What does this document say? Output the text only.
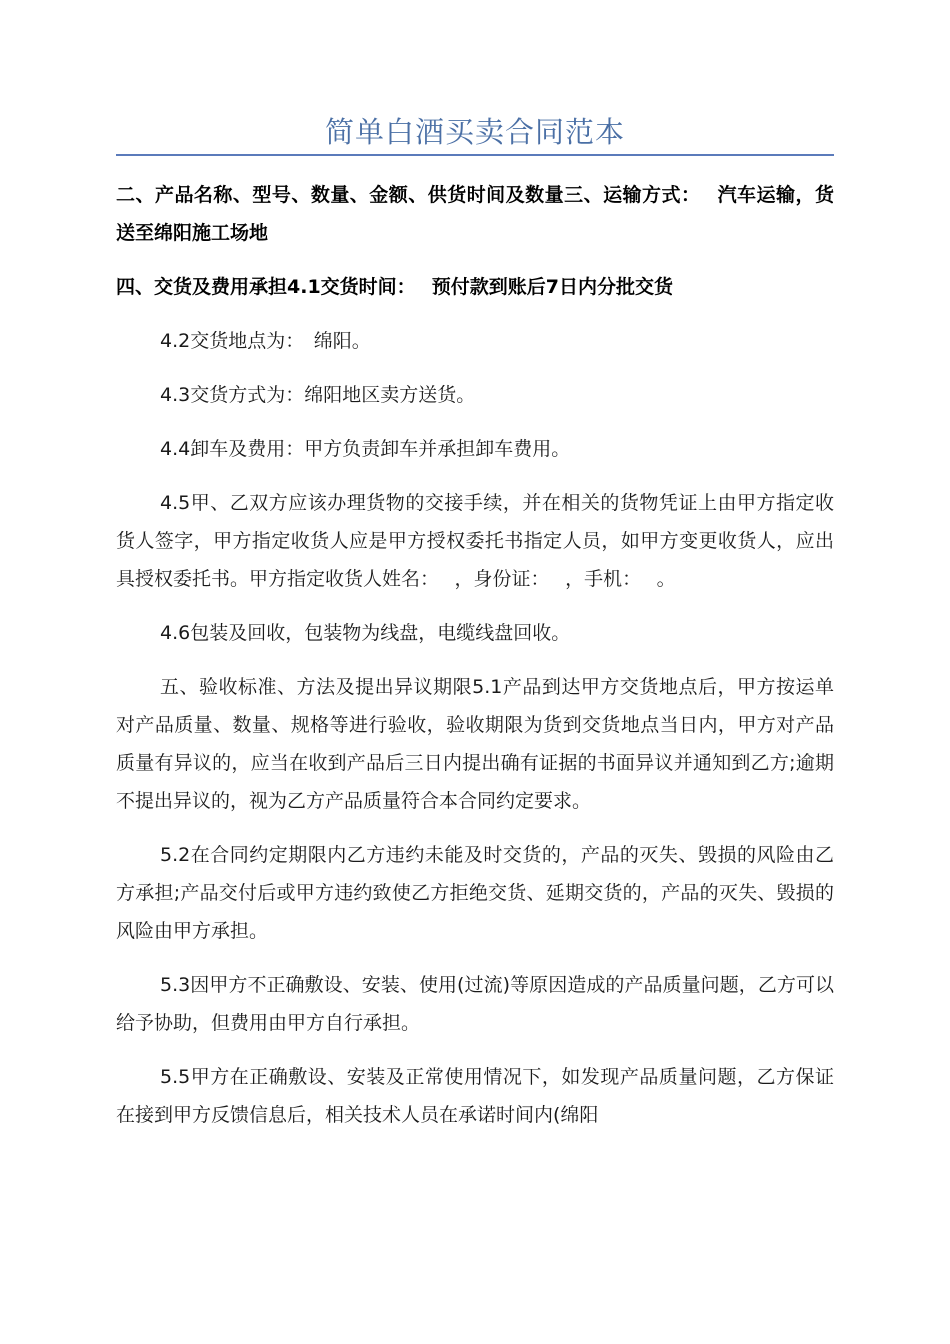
简单白酒买卖合同范本

二、产品名称、型号、数量、金额、供货时间及数量三、运输方式：　 汽车运输，货送至绵阳施工场地

四、交货及费用承担4.1交货时间：　 预付款到账后7日内分批交货

4.2交货地点为：　绵阳。

4.3交货方式为：绵阳地区卖方送货。

4.4卸车及费用：甲方负责卸车并承担卸车费用。

4.5甲、乙双方应该办理货物的交接手续，并在相关的货物凭证上由甲方指定收货人签字，甲方指定收货人应是甲方授权委托书指定人员，如甲方变更收货人，应出具授权委托书。甲方指定收货人姓名：　 ，身份证：　 ，手机：　 。

4.6包装及回收，包装物为线盘，电缆线盘回收。

五、验收标准、方法及提出异议期限5.1产品到达甲方交货地点后，甲方按运单对产品质量、数量、规格等进行验收，验收期限为货到交货地点当日内，甲方对产品质量有异议的，应当在收到产品后三日内提出确有证据的书面异议并通知到乙方;逾期不提出异议的，视为乙方产品质量符合本合同约定要求。

5.2在合同约定期限内乙方违约未能及时交货的，产品的灭失、毁损的风险由乙方承担;产品交付后或甲方违约致使乙方拒绝交货、延期交货的，产品的灭失、毁损的风险由甲方承担。

5.3因甲方不正确敷设、安装、使用(过流)等原因造成的产品质量问题，乙方可以给予协助，但费用由甲方自行承担。

5.5甲方在正确敷设、安装及正常使用情况下，如发现产品质量问题，乙方保证在接到甲方反馈信息后，相关技术人员在承诺时间内(绵阳
